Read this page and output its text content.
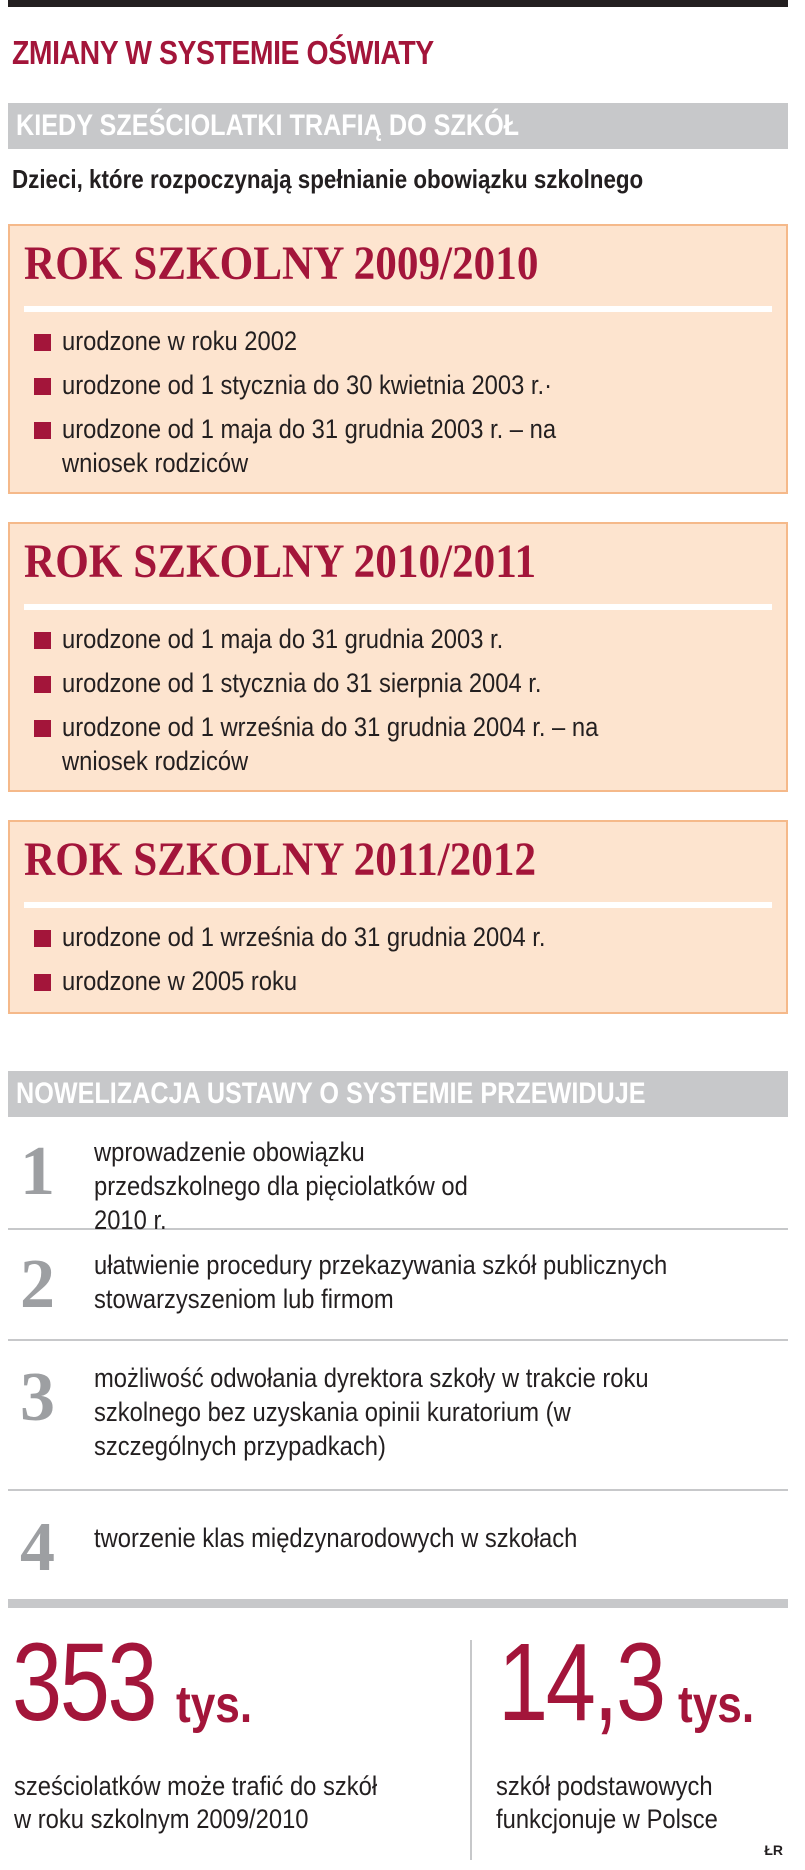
ZMIANY W SYSTEMIE OŚWIATY
KIEDY SZEŚCIOLATKI TRAFIĄ DO SZKÓŁ
Dzieci, które rozpoczynają spełnianie obowiązku szkolnego
ROK SZKOLNY 2009/2010
urodzone w roku 2002
urodzone od 1 stycznia do 30 kwietnia 2003 r.·
urodzone od 1 maja do 31 grudnia 2003 r. – na wniosek rodziców
ROK SZKOLNY 2010/2011
urodzone od 1 maja do 31 grudnia 2003 r.
urodzone od 1 stycznia do 31 sierpnia 2004 r.
urodzone od 1 września do 31 grudnia 2004 r. – na wniosek rodziców
ROK SZKOLNY 2011/2012
urodzone od 1 września do 31 grudnia 2004 r.
urodzone w 2005 roku
NOWELIZACJA USTAWY O SYSTEMIE PRZEWIDUJE
1 wprowadzenie obowiązku przedszkolnego dla pięciolatków od 2010 r.
2 ułatwienie procedury przekazywania szkół publicznych stowarzyszeniom lub firmom
3 możliwość odwołania dyrektora szkoły w trakcie roku szkolnego bez uzyskania opinii kuratorium (w szczególnych przypadkach)
4 tworzenie klas międzynarodowych w szkołach
353 tys.
sześciolatków może trafić do szkół
w roku szkolnym 2009/2010
14,3 tys.
szkół podstawowych
funkcjonuje w Polsce
ŁR
